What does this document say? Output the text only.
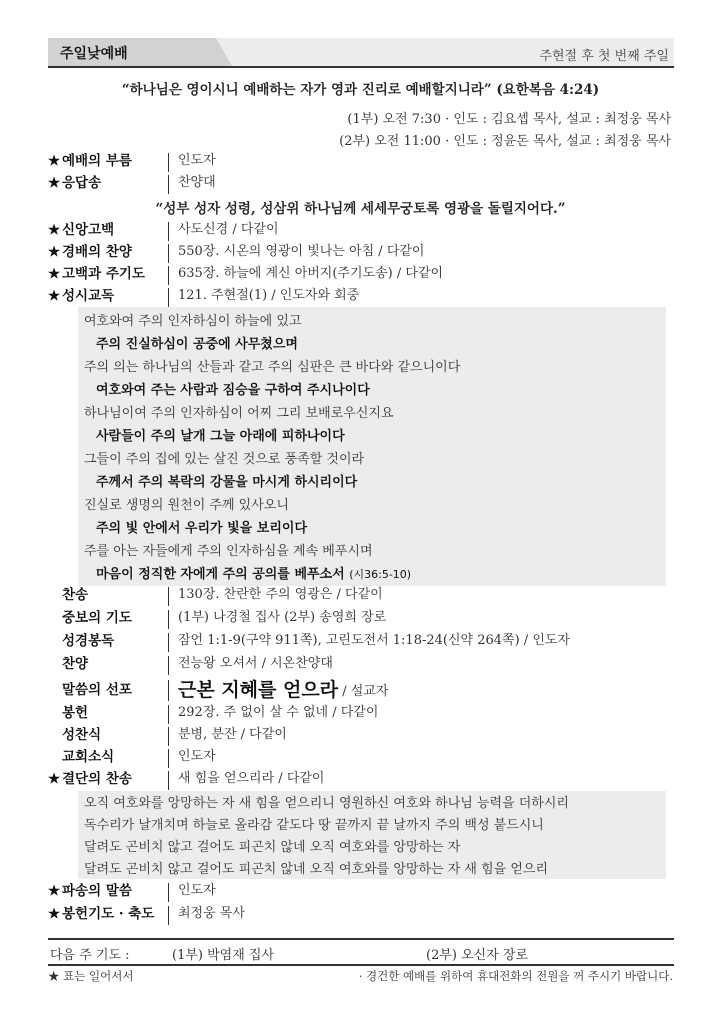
주일낮예배	주현절 후 첫 번째 주일
“하나님은 영이시니 예배하는 자가 영과 진리로 예배할지니라” (요한복음 4:24)
(1부) 오전 7:30 · 인도 : 김요셉 목사, 설교 : 최정웅 목사
(2부) 오전 11:00 · 인도 : 정윤돈 목사, 설교 : 최정웅 목사
★ 예배의 부름	인도자
★ 응답송	찬양대
“성부 성자 성령, 성삼위 하나님께 세세무궁토록 영광을 돌릴지어다.”
★ 신앙고백	사도신경 / 다같이
★ 경배의 찬양	550장. 시온의 영광이 빛나는 아침 / 다같이
★ 고백과 주기도	635장. 하늘에 계신 아버지(주기도송) / 다같이
★ 성시교독	121. 주현절(1) / 인도자와 회중
여호와여 주의 인자하심이 하늘에 있고
주의 진실하심이 공중에 사무쳤으며
주의 의는 하나님의 산들과 같고 주의 심판은 큰 바다와 같으니이다
여호와여 주는 사람과 짐승을 구하여 주시나이다
하나님이여 주의 인자하심이 어찌 그리 보배로우신지요
사람들이 주의 날개 그늘 아래에 피하나이다
그들이 주의 집에 있는 살진 것으로 풍족할 것이라
주께서 주의 복락의 강물을 마시게 하시리이다
진실로 생명의 원천이 주께 있사오니
주의 빛 안에서 우리가 빛을 보리이다
주를 아는 자들에게 주의 인자하심을 계속 베푸시며
마음이 정직한 자에게 주의 공의를 베푸소서 (시36:5-10)
찬송	130장. 찬란한 주의 영광은 / 다같이
중보의 기도	(1부) 나경철 집사 (2부) 송영희 장로
성경봉독	잠언 1:1-9(구약 911쪽), 고린도전서 1:18-24(신약 264쪽) / 인도자
찬양	전능왕 오셔서 / 시온찬양대
말씀의 선포	근본 지혜를 얻으라 / 설교자
봉헌	292장. 주 없이 살 수 없네 / 다같이
성찬식	분병, 분잔 / 다같이
교회소식	인도자
★ 결단의 찬송	새 힘을 얻으리라 / 다같이
오직 여호와를 앙망하는 자 새 힘을 얻으리니 영원하신 여호와 하나님 능력을 더하시리
독수리가 날개치며 하늘로 올라감 같도다 땅 끝까지 끝 날까지 주의 백성 붙드시니
달려도 곤비치 않고 걸어도 피곤치 않네 오직 여호와를 앙망하는 자
달려도 곤비치 않고 걸어도 피곤치 않네 오직 여호와를 앙망하는 자 새 힘을 얻으리
★ 파송의 말씀	인도자
★ 봉헌기도 · 축도	최정웅 목사
다음 주 기도 :	(1부) 박염재 집사	(2부) 오신자 장로
★ 표는 일어서서	· 경건한 예배를 위하여 휴대전화의 전원을 꺼 주시기 바랍니다.
